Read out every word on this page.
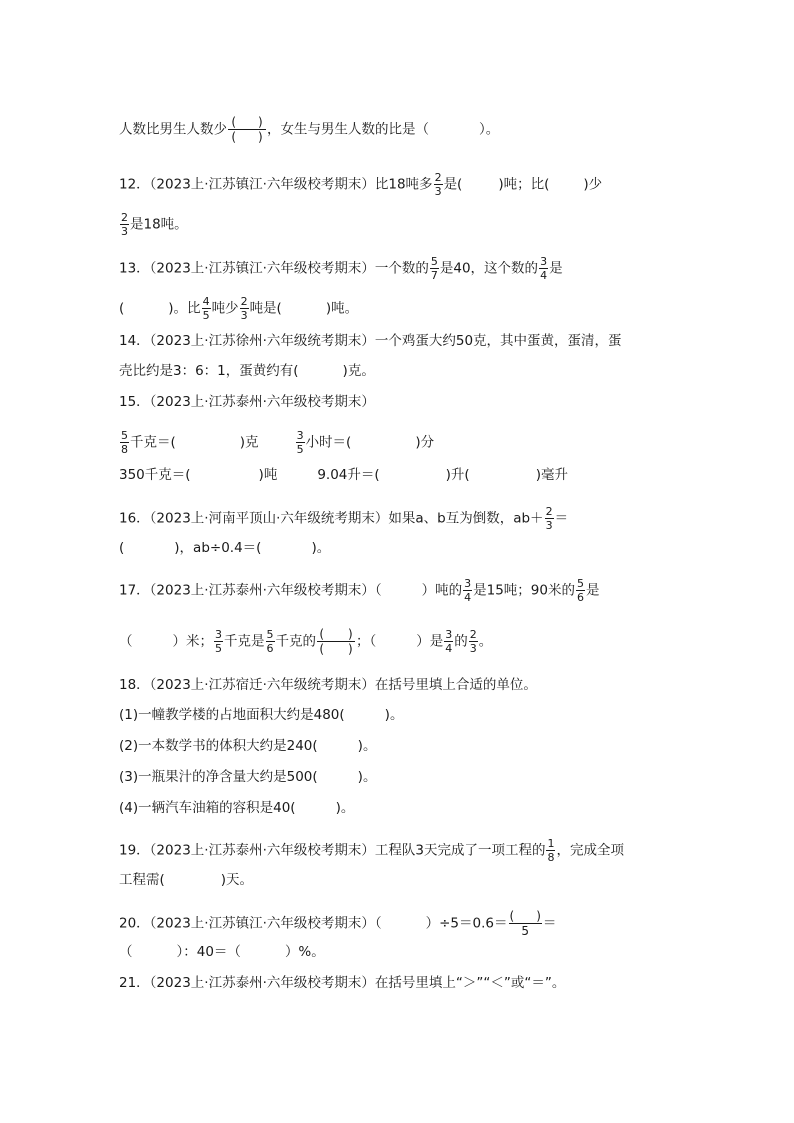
人数比男生人数少 $\frac{( )}{( )}$ ，女生与男生人数的比是（	）。
12．（2023上·江苏镇江·六年级校考期末）比18吨多 $\frac{2}{3}$ 是(	)吨；比(	)少
$\frac{2}{3}$ 是18吨。
13．（2023上·江苏镇江·六年级校考期末）一个数的 $\frac{5}{7}$ 是40，这个数的 $\frac{3}{4}$ 是
(	)。比 $\frac{4}{5}$ 吨少 $\frac{2}{3}$ 吨是(	)吨。
14．（2023上·江苏徐州·六年级统考期末）一个鸡蛋大约50克，其中蛋黄，蛋清，蛋
壳比约是3：6：1，蛋黄约有(	)克。
15．（2023上·江苏泰州·六年级校考期末）
$\frac{5}{8}$ 千克＝(	)克	$\frac{3}{5}$ 小时＝(	)分
350千克＝(	)吨	9.04升＝(	)升(	)毫升
16．（2023上·河南平顶山·六年级统考期末）如果a、b互为倒数，$ab+ \frac{2}{3}$ ＝
(	)，ab÷0.4＝(	)。
17．（2023上·江苏泰州·六年级校考期末）（	）吨的 $\frac{3}{4}$ 是15吨；90米的 $\frac{5}{6}$ 是
（	）米； $\frac{3}{5}$ 千克是 $\frac{5}{6}$ 千克的 $\frac{( )}{( )}$ ；（	）是 $\frac{3}{4}$ 的 $\frac{2}{3}$ 。
18．（2023上·江苏宿迁·六年级统考期末）在括号里填上合适的单位。
(1)一幢教学楼的占地面积大约是480(	)。
(2)一本数学书的体积大约是240(	)。
(3)一瓶果汁的净含量大约是500(	)。
(4)一辆汽车油箱的容积是40(	)。
19．（2023上·江苏泰州·六年级校考期末）工程队3天完成了一项工程的 $\frac{1}{8}$ ，完成全项
工程需(	)天。
20．（2023上·江苏镇江·六年级校考期末）（	）$\div 5=0.6= \frac{( )}{5}$ ＝
（	）：40＝（	）%。
21．（2023上·江苏泰州·六年级校考期末）在括号里填上“＞”“＜”或“＝”。
